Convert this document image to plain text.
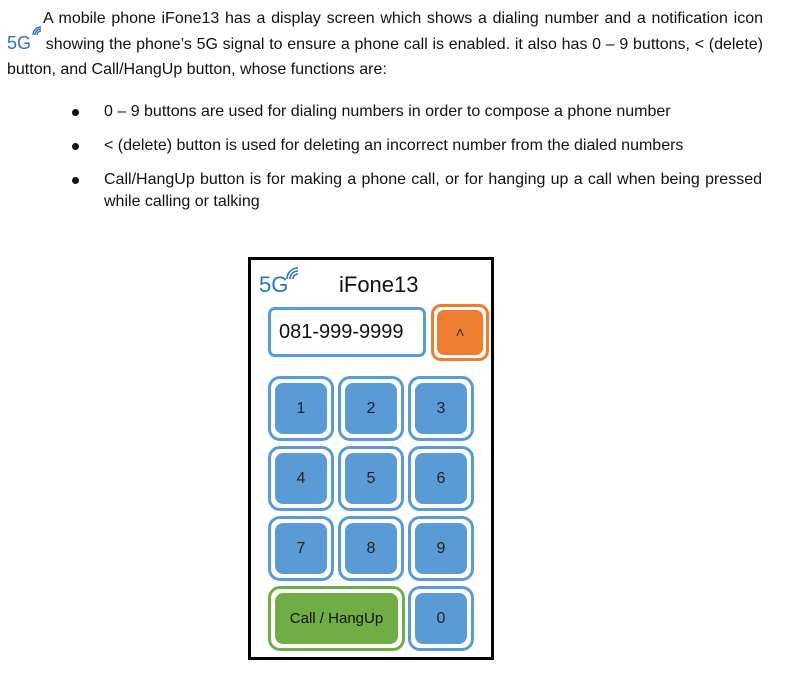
A mobile phone iFone13 has a display screen which shows a dialing number and a notification icon 5G showing the phone’s 5G signal to ensure a phone call is enabled. it also has 0 – 9 buttons, < (delete) button, and Call/HangUp button, whose functions are:
0 – 9 buttons are used for dialing numbers in order to compose a phone number
< (delete) button is used for deleting an incorrect number from the dialed numbers
Call/HangUp button is for making a phone call, or for hanging up a call when being pressed while calling or talking
5G iFone13
081-999-9999	<
1	2	3
4	5	6
7	8	9
Call / HangUp	0
